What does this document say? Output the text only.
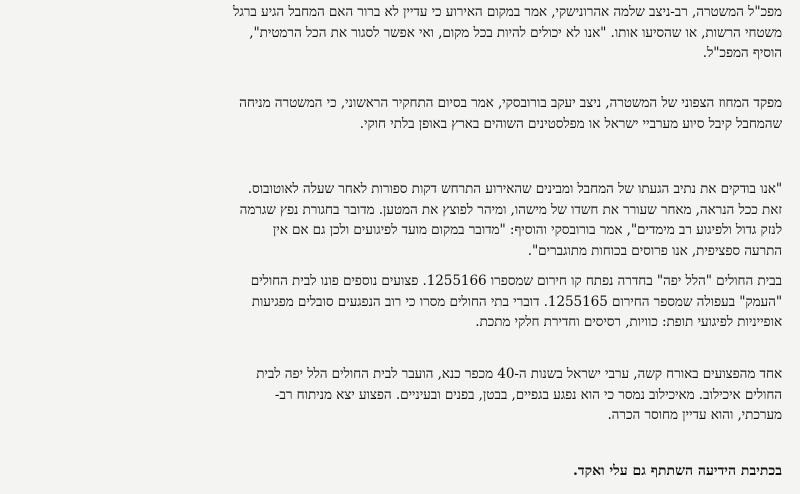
מפכ"ל המשטרה, רב-ניצב שלמה אהרונישקי, אמר במקום האירוע כי עדיין לא ברור האם המחבל הגיע ברגל
משטחי הרשות, או שהסיעו אותו. "אנו לא יכולים להיות בכל מקום, ואי אפשר לסגור את הכל הרמטית",
הוסיף המפכ"ל.

מפקד המחוז הצפוני של המשטרה, ניצב יעקב בורובסקי, אמר בסיום התחקיר הראשוני, כי המשטרה מניחה
שהמחבל קיבל סיוע מערביי ישראל או מפלסטינים השוהים בארץ באופן בלתי חוקי.

"אנו בודקים את נתיב הגעתו של המחבל ומבינים שהאירוע התרחש דקות ספורות לאחר שעלה לאוטובוס.
זאת ככל הנראה, מאחר שעורר את חשדו של מישהו, ומיהר לפוצץ את המטען. מדובר בחגורת נפץ שגרמה
לנזק גדול ולפיגוע רב מימדים", אמר בורובסקי והוסיף: "מדובר במקום מועד לפיגועים ולכן גם אם אין
התרעה ספציפית, אנו פרוסים בכוחות מתוגברים".

בבית החולים "הלל יפה" בחדרה נפתח קו חירום שמספרו 1255166. פצועים נוספים פונו לבית החולים
"העמק" בעפולה שמספר החירום 1255165. דוברי בתי החולים מסרו כי רוב הנפגעים סובלים מפגיעות
אופייניות לפיגועי תופת: כוויות, רסיסים וחדירת חלקי מתכת.

אחד מהפצועים באורח קשה, ערבי ישראל בשנות ה-40 מכפר כנא, הועבר לבית החולים הלל יפה לבית
החולים איכילוב. מאיכילוב נמסר כי הוא נפגע בגפיים, בבטן, בפנים ובעיניים. הפצוע יצא מניתוח רב-
מערכתי, והוא עדיין מחוסר הכרה.

בכתיבת הידיעה השתתף גם עלי ואקד.
